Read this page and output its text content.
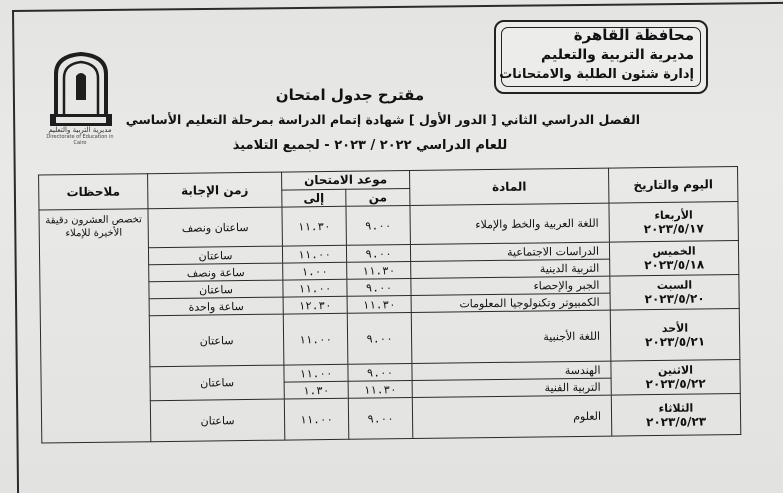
محافظة القاهرة
مديرية التربية والتعليم
إدارة شئون الطلبة والامتحانات
مديرية التربية والتعليم
Directorate of Education in Cairo
مقترح جدول امتحان
الفصل الدراسي الثاني [ الدور الأول ] شهادة إتمام الدراسة بمرحلة التعليم الأساسي
للعام الدراسي ٢٠٢٢ / ٢٠٢٣ - لجميع التلاميذ
اليوم والتاريخ	المادة	موعد الامتحان		زمن الإجابة	ملاحظات
		من	إلى		

الأربعاء
٢٠٢٣/٥/١٧	اللغة العربية والخط والإملاء	٩.٠٠	١١.٣٠	ساعتان ونصف	تخصص العشرون دقيقة الأخيرة للإملاء

الخميس
٢٠٢٣/٥/١٨	الدراسات الاجتماعية	٩.٠٠	١١.٠٠	ساعتان	
	التربية الدينية	١١.٣٠	١.٠٠	ساعة ونصف	

السبت
٢٠٢٣/٥/٢٠	الجبر والإحصاء	٩.٠٠	١١.٠٠	ساعتان	
	الكمبيوتر وتكنولوجيا المعلومات	١١.٣٠	١٢.٣٠	ساعة واحدة	

الأحد
٢٠٢٣/٥/٢١	اللغة الأجنبية	٩.٠٠	١١.٠٠	ساعتان	

الاثنين
٢٠٢٣/٥/٢٢	الهندسة	٩.٠٠	١١.٠٠	ساعتان	
	التربية الفنية	١١.٣٠	١.٣٠		

الثلاثاء
٢٠٢٣/٥/٢٣	العلوم	٩.٠٠	١١.٠٠	ساعتان	
